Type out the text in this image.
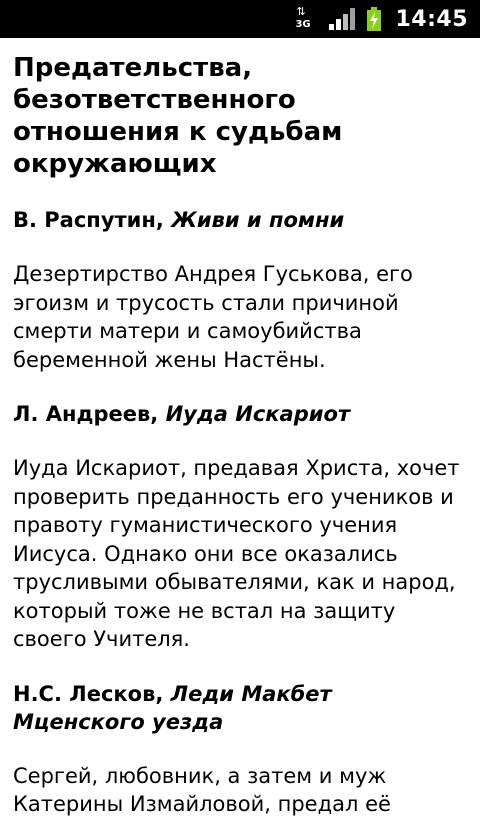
⇅
3G	14:45
Предательства, безответственного отношения к судьбам окружающих

В. Распутин, Живи и помни

Дезертирство Андрея Гуськова, его эгоизм и трусость стали причиной смерти матери и самоубийства беременной жены Настёны.

Л. Андреев, Иуда Искариот

Иуда Искариот, предавая Христа, хочет проверить преданность его учеников и правоту гуманистического учения Иисуса. Однако они все оказались трусливыми обывателями, как и народ, который тоже не встал на защиту своего Учителя.

Н.С. Лесков, Леди Макбет Мценского уезда

Сергей, любовник, а затем и муж Катерины Измайловой, предал её
